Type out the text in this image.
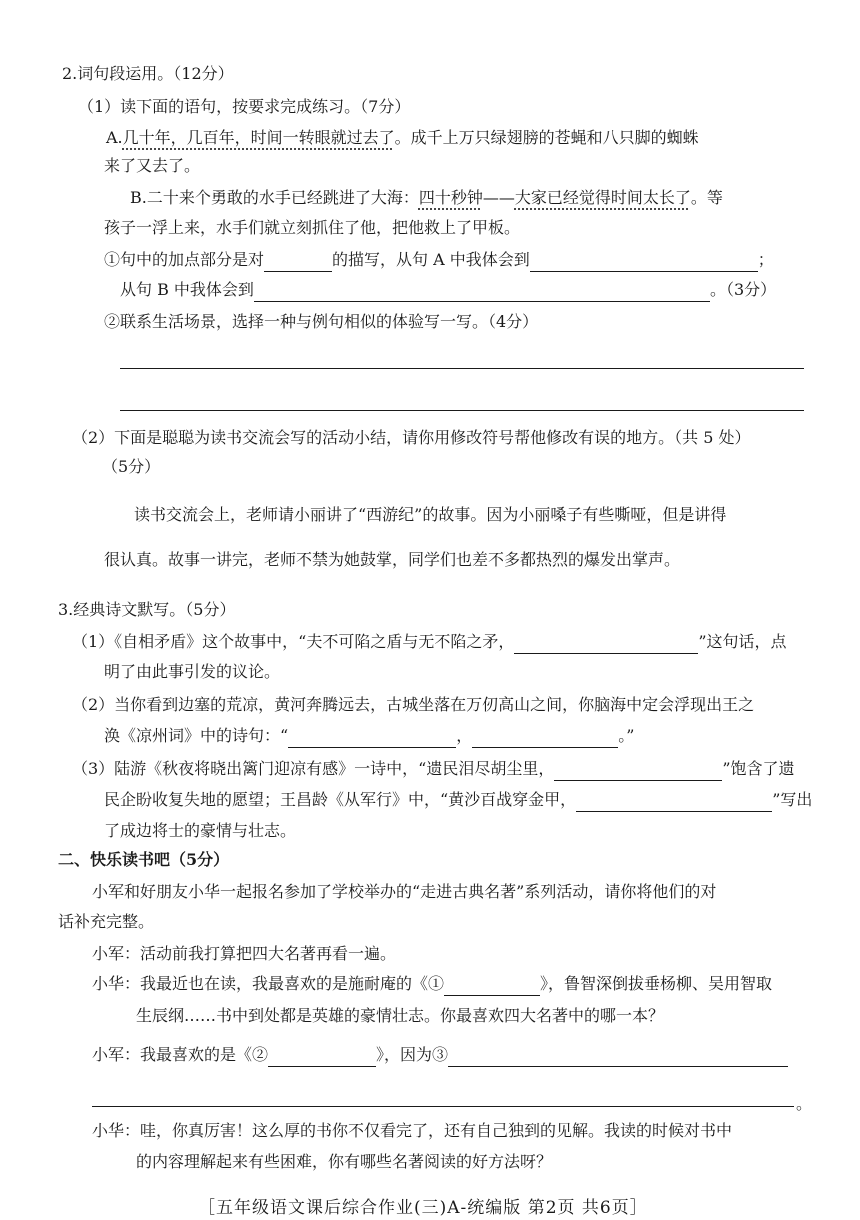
2.词句段运用。（12分）
（1）读下面的语句，按要求完成练习。（7分）
A.几十年，几百年，时间一转眼就过去了。成千上万只绿翅膀的苍蝇和八只脚的蜘蛛
来了又去了。
B.二十来个勇敢的水手已经跳进了大海：四十秒钟——大家已经觉得时间太长了。等
孩子一浮上来，水手们就立刻抓住了他，把他救上了甲板。
①句中的加点部分是对	的描写，从句 A 中我体会到	；
从句 B 中我体会到	。（3分）
②联系生活场景，选择一种与例句相似的体验写一写。（4分）
（2）下面是聪聪为读书交流会写的活动小结，请你用修改符号帮他修改有误的地方。（共 5 处）
（5分）
读书交流会上，老师请小丽讲了“西游纪”的故事。因为小丽嗓子有些嘶哑，但是讲得
很认真。故事一讲完，老师不禁为她鼓掌，同学们也差不多都热烈的爆发出掌声。
3.经典诗文默写。（5分）
（1）《自相矛盾》这个故事中，“夫不可陷之盾与无不陷之矛，	”这句话，点
明了由此事引发的议论。
（2）当你看到边塞的荒凉，黄河奔腾远去，古城坐落在万仞高山之间，你脑海中定会浮现出王之
涣《凉州词》中的诗句：“	，	。”
（3）陆游《秋夜将晓出篱门迎凉有感》一诗中，“遗民泪尽胡尘里，	”饱含了遗
民企盼收复失地的愿望；王昌龄《从军行》中，“黄沙百战穿金甲，	”写出
了成边将士的豪情与壮志。
二、快乐读书吧（5分）
小军和好朋友小华一起报名参加了学校举办的“走进古典名著”系列活动，请你将他们的对
话补充完整。
小军：活动前我打算把四大名著再看一遍。
小华：我最近也在读，我最喜欢的是施耐庵的《①	》，鲁智深倒拔垂杨柳、吴用智取
生辰纲……书中到处都是英雄的豪情壮志。你最喜欢四大名著中的哪一本？
小军：我最喜欢的是《②	》，因为③
。
小华：哇，你真厉害！这么厚的书你不仅看完了，还有自己独到的见解。我读的时候对书中
的内容理解起来有些困难，你有哪些名著阅读的好方法呀？
［五年级语文课后综合作业(三)A-统编版 第2页 共6页］
